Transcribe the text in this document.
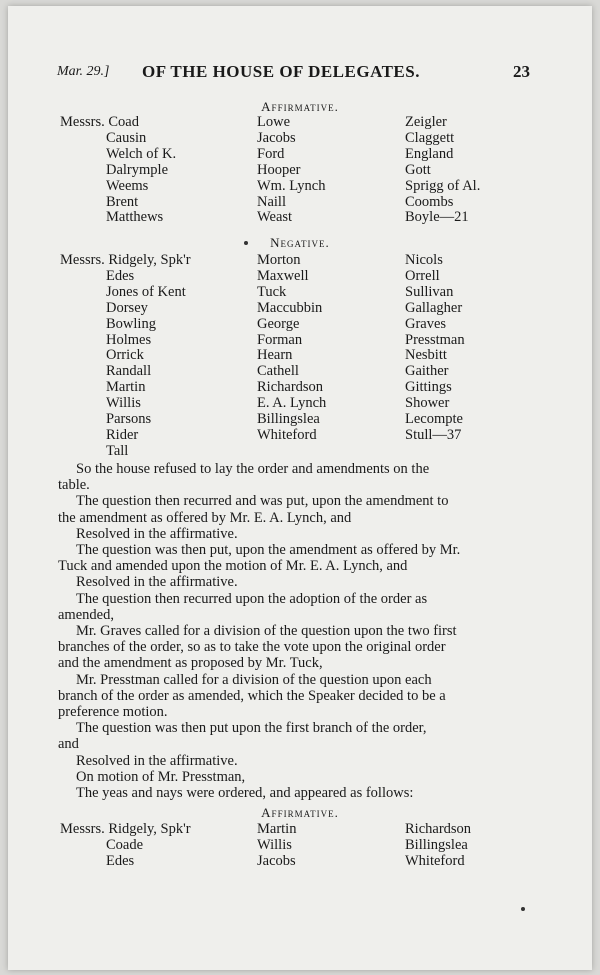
Mar. 29.] OF THE HOUSE OF DELEGATES.	23
Affirmative.
Messrs. Coad
Causin
Welch of K.
Dalrymple
Weems
Brent
Matthews
Lowe
Jacobs
Ford
Hooper
Wm. Lynch
Naill
Weast
Zeigler
Claggett
England
Gott
Sprigg of Al.
Coombs
Boyle—21
Negative.
Messrs. Ridgely, Spk'r
Edes
Jones of Kent
Dorsey
Bowling
Holmes
Orrick
Randall
Martin
Willis
Parsons
Rider
Tall
Morton
Maxwell
Tuck
Maccubbin
George
Forman
Hearn
Cathell
Richardson
E. A. Lynch
Billingslea
Whiteford
Nicols
Orrell
Sullivan
Gallagher
Graves
Presstman
Nesbitt
Gaither
Gittings
Shower
Lecompte
Stull—37
So the house refused to lay the order and amendments on the
table.
The question then recurred and was put, upon the amendment to
the amendment as offered by Mr. E. A. Lynch, and
Resolved in the affirmative.
The question was then put, upon the amendment as offered by Mr.
Tuck and amended upon the motion of Mr. E. A. Lynch, and
Resolved in the affirmative.
The question then recurred upon the adoption of the order as
amended,
Mr. Graves called for a division of the question upon the two first
branches of the order, so as to take the vote upon the original order
and the amendment as proposed by Mr. Tuck,
Mr. Presstman called for a division of the question upon each
branch of the order as amended, which the Speaker decided to be a
preference motion.
The question was then put upon the first branch of the order,
and
Resolved in the affirmative.
On motion of Mr. Presstman,
The yeas and nays were ordered, and appeared as follows:
Affirmative.
Messrs. Ridgely, Spk'r
Coade
Edes
Martin
Willis
Jacobs
Richardson
Billingslea
Whiteford
